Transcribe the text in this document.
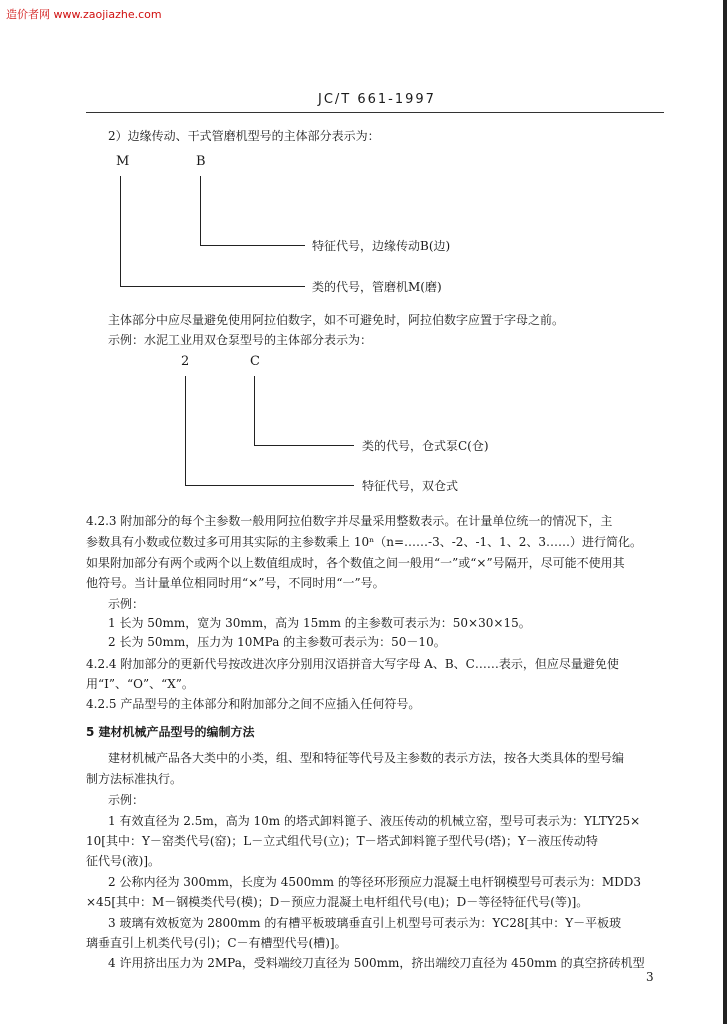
造价者网 www.zaojiazhe.com
JC/T 661-1997
2）边缘传动、干式管磨机型号的主体部分表示为：
M	B
特征代号，边缘传动B(边)
类的代号，管磨机M(磨)
主体部分中应尽量避免使用阿拉伯数字，如不可避免时，阿拉伯数字应置于字母之前。
示例：水泥工业用双仓泵型号的主体部分表示为：
2	C
类的代号，仓式泵C(仓)
特征代号，双仓式
4.2.3 附加部分的每个主参数一般用阿拉伯数字并尽量采用整数表示。在计量单位统一的情况下，主
参数具有小数或位数过多可用其实际的主参数乘上 10ⁿ（n=……-3、-2、-1、1、2、3……）进行简化。
如果附加部分有两个或两个以上数值组成时，各个数值之间一般用“一”或“×”号隔开，尽可能不使用其
他符号。当计量单位相同时用“×”号，不同时用“一”号。
示例：
1 长为 50mm，宽为 30mm，高为 15mm 的主参数可表示为：50×30×15。
2 长为 50mm，压力为 10MPa 的主参数可表示为：50－10。
4.2.4 附加部分的更新代号按改进次序分别用汉语拼音大写字母 A、B、C……表示，但应尽量避免使
用“I”、“O”、“X”。
4.2.5 产品型号的主体部分和附加部分之间不应插入任何符号。
5 建材机械产品型号的编制方法
建材机械产品各大类中的小类，组、型和特征等代号及主参数的表示方法，按各大类具体的型号编
制方法标准执行。
示例：
1 有效直径为 2.5m，高为 10m 的塔式卸料篦子、液压传动的机械立窑，型号可表示为：YLTY25×
10[其中：Y－窑类代号(窑)；L－立式组代号(立)；T－塔式卸料篦子型代号(塔)；Y－液压传动特
征代号(液)]。
2 公称内径为 300mm，长度为 4500mm 的等径环形预应力混凝土电杆钢模型号可表示为：MDD3
×45[其中：M－钢模类代号(模)；D－预应力混凝土电杆组代号(电)；D－等径特征代号(等)]。
3 玻璃有效板宽为 2800mm 的有槽平板玻璃垂直引上机型号可表示为：YC28[其中：Y－平板玻
璃垂直引上机类代号(引)；C－有槽型代号(槽)]。
4 许用挤出压力为 2MPa，受料端绞刀直径为 500mm，挤出端绞刀直径为 450mm 的真空挤砖机型
3
